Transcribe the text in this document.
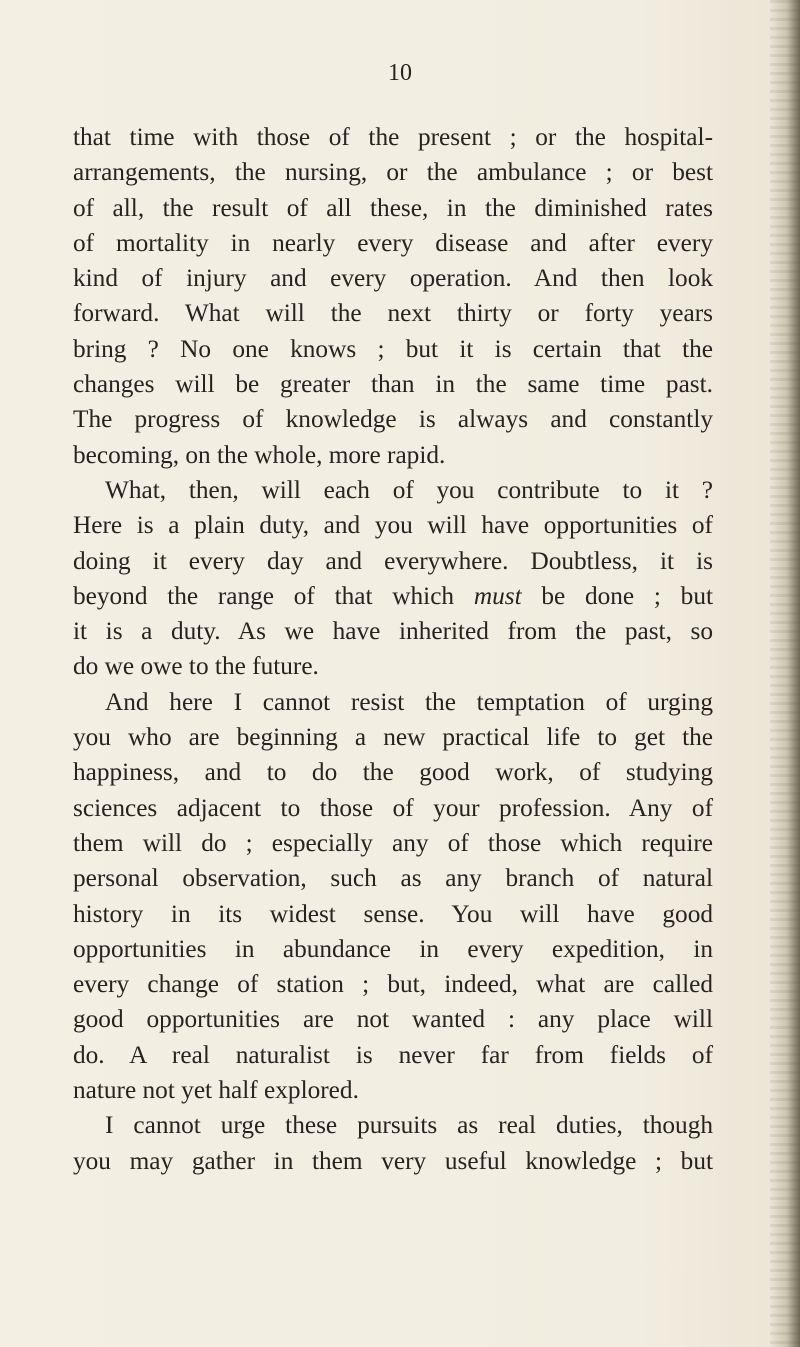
10
that time with those of the present ; or the hospital-
arrangements, the nursing, or the ambulance ; or best
of all, the result of all these, in the diminished rates
of mortality in nearly every disease and after every
kind of injury and every operation. And then look
forward. What will the next thirty or forty years
bring ? No one knows ; but it is certain that the
changes will be greater than in the same time past.
The progress of knowledge is always and constantly
becoming, on the whole, more rapid.
What, then, will each of you contribute to it ?
Here is a plain duty, and you will have opportunities of
doing it every day and everywhere. Doubtless, it is
beyond the range of that which must be done ; but
it is a duty. As we have inherited from the past, so
do we owe to the future.
And here I cannot resist the temptation of urging
you who are beginning a new practical life to get the
happiness, and to do the good work, of studying
sciences adjacent to those of your profession. Any of
them will do ; especially any of those which require
personal observation, such as any branch of natural
history in its widest sense. You will have good
opportunities in abundance in every expedition, in
every change of station ; but, indeed, what are called
good opportunities are not wanted : any place will
do. A real naturalist is never far from fields of
nature not yet half explored.
I cannot urge these pursuits as real duties, though
you may gather in them very useful knowledge ; but
